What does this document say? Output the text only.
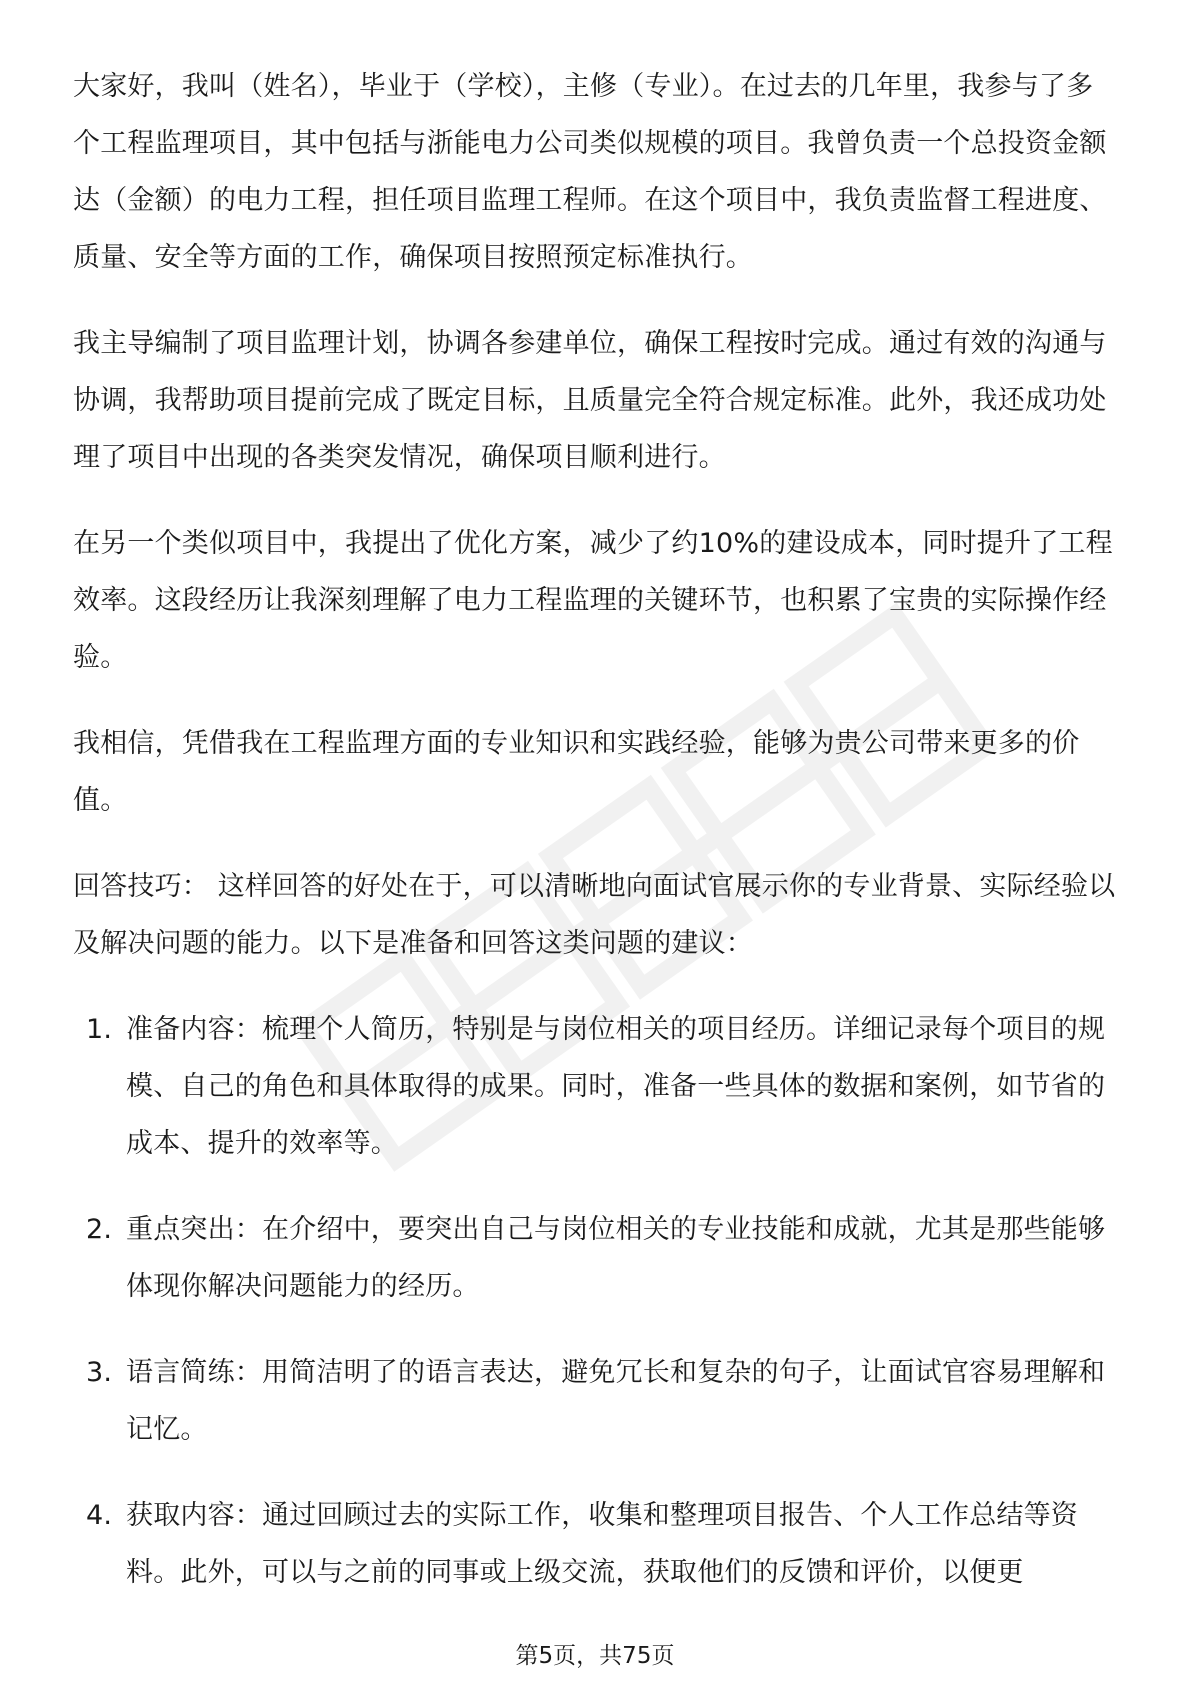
大家好，我叫（姓名），毕业于（学校），主修（专业）。在过去的几年里，我参与了多个工程监理项目，其中包括与浙能电力公司类似规模的项目。我曾负责一个总投资金额达（金额）的电力工程，担任项目监理工程师。在这个项目中，我负责监督工程进度、质量、安全等方面的工作，确保项目按照预定标准执行。

我主导编制了项目监理计划，协调各参建单位，确保工程按时完成。通过有效的沟通与协调，我帮助项目提前完成了既定目标，且质量完全符合规定标准。此外，我还成功处理了项目中出现的各类突发情况，确保项目顺利进行。

在另一个类似项目中，我提出了优化方案，减少了约10%的建设成本，同时提升了工程效率。这段经历让我深刻理解了电力工程监理的关键环节，也积累了宝贵的实际操作经验。

我相信，凭借我在工程监理方面的专业知识和实践经验，能够为贵公司带来更多的价值。

回答技巧： 这样回答的好处在于，可以清晰地向面试官展示你的专业背景、实际经验以及解决问题的能力。以下是准备和回答这类问题的建议：

1. 准备内容：梳理个人简历，特别是与岗位相关的项目经历。详细记录每个项目的规模、自己的角色和具体取得的成果。同时，准备一些具体的数据和案例，如节省的成本、提升的效率等。
2. 重点突出：在介绍中，要突出自己与岗位相关的专业技能和成就，尤其是那些能够体现你解决问题能力的经历。
3. 语言简练：用简洁明了的语言表达，避免冗长和复杂的句子，让面试官容易理解和记忆。
4. 获取内容：通过回顾过去的实际工作，收集和整理项目报告、个人工作总结等资料。此外，可以与之前的同事或上级交流，获取他们的反馈和评价，以便更
第5页，共75页
